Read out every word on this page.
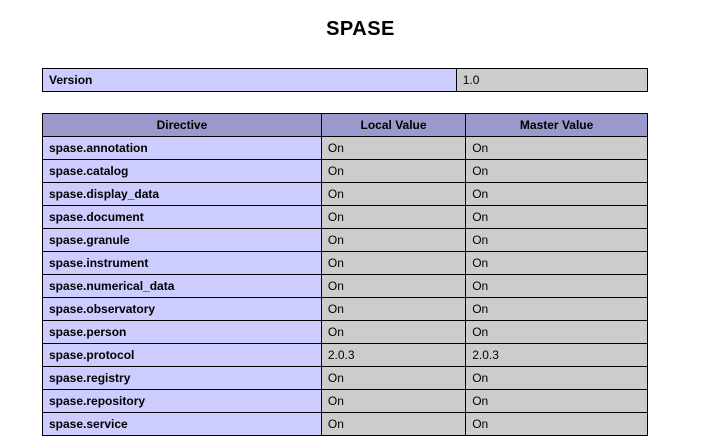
SPASE
Version	1.0
Directive	Local Value	Master Value
spase.annotation	On	On
spase.catalog	On	On
spase.display_data	On	On
spase.document	On	On
spase.granule	On	On
spase.instrument	On	On
spase.numerical_data	On	On
spase.observatory	On	On
spase.person	On	On
spase.protocol	2.0.3	2.0.3
spase.registry	On	On
spase.repository	On	On
spase.service	On	On
